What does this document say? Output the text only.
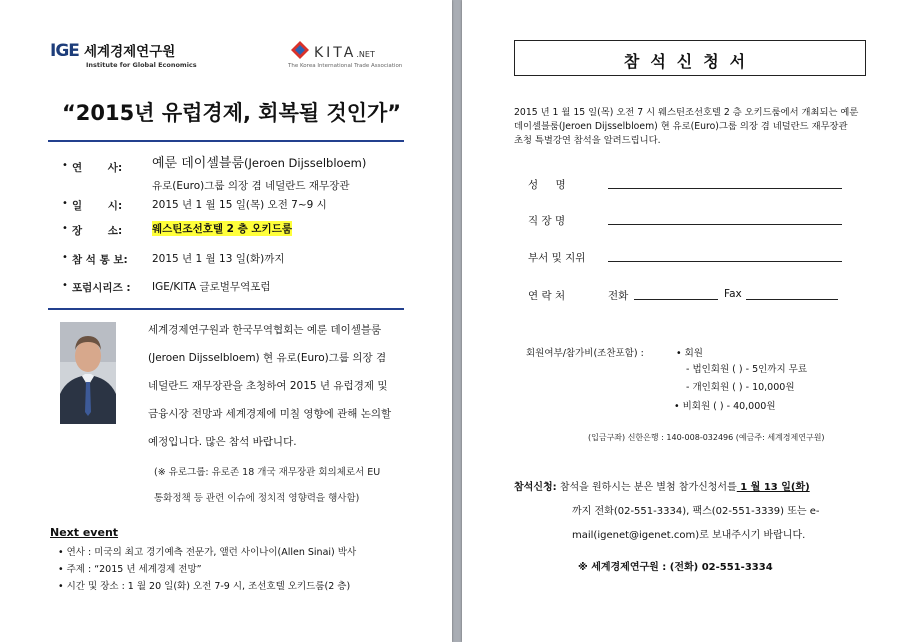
IGE 세계경제연구원
Institute for Global Economics
KITA.NET
The Korea International Trade Association
“2015년 유럽경제, 회복될 것인가”
• 연 사: 예룬 데이셀블룸(Jeroen Dijsselbloem)
유로(Euro)그룹 의장 겸 네덜란드 재무장관
• 일 시:	2015 년 1 월 15 일(목) 오전 7~9 시
• 장 소:	웨스틴조선호텔 2 층 오키드룸
• 참 석 통 보: 2015 년 1 월 13 일(화)까지
• 포럼시리즈 : IGE/KITA 글로벌무역포럼
세계경제연구원과 한국무역협회는 예룬 데이셀블룸
(Jeroen Dijsselbloem) 현 유로(Euro)그룹 의장 겸
네덜란드 재무장관을 초청하여 2015 년 유럽경제 및
금융시장 전망과 세계경제에 미칠 영향에 관해 논의할
예정입니다. 많은 참석 바랍니다.
(※ 유로그룹: 유로존 18 개국 재무장관 회의체로서 EU
통화정책 등 관련 이슈에 정치적 영향력을 행사함)
Next event
• 연사 : 미국의 최고 경기예측 전문가, 앨런 사이나이(Allen Sinai) 박사
• 주제 : “2015 년 세계경제 전망”
• 시간 및 장소 : 1 월 20 일(화) 오전 7-9 시, 조선호텔 오키드룸(2 층)
참석신청서
2015 년 1 월 15 일(목) 오전 7 시 웨스틴조선호텔 2 층 오키드룸에서 개최되는 예룬
데이셀블룸(Jeroen Dijsselbloem) 현 유로(Euro)그룹 의장 겸 네덜란드 재무장관
초청 특별강연 참석을 알려드립니다.
성 명
직 장 명
부서 및 지위
연 락 처	전화	Fax
회원여부/참가비(조찬포함) :	• 회원
- 법인회원 ( ) - 5인까지 무료
- 개인회원 ( ) - 10,000원
• 비회원 ( ) - 40,000원
(입금구좌) 신한은행 : 140-008-032496 (예금주: 세계경제연구원)
참석신청: 참석을 원하시는 분은 별첨 참가신청서를 1 월 13 일(화)
까지 전화(02-551-3334), 팩스(02-551-3339) 또는 e-
mail(igenet@igenet.com)로 보내주시기 바랍니다.
※ 세계경제연구원 : (전화) 02-551-3334
